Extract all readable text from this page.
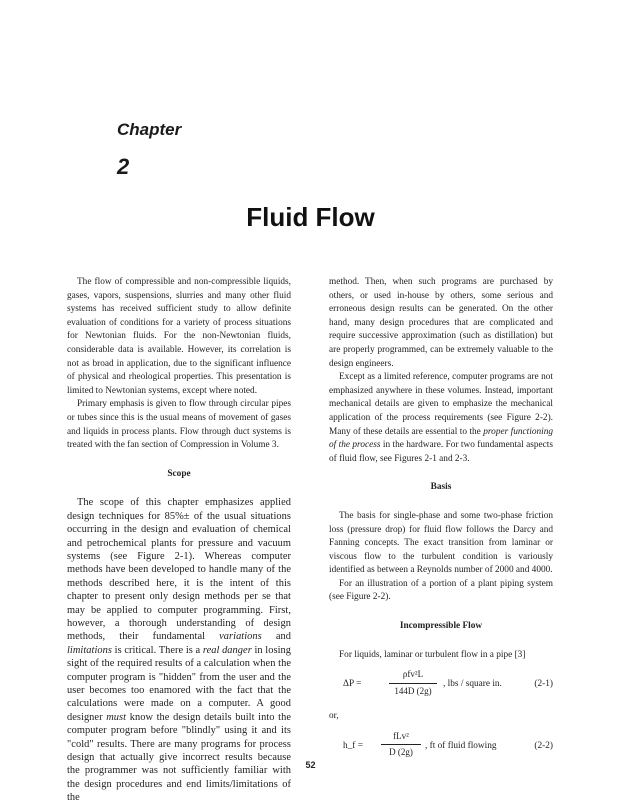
Chapter
2
Fluid Flow

The flow of compressible and non-compressible liquids, gases, vapors, suspensions, slurries and many other fluid systems has received sufficient study to allow definite evaluation of conditions for a variety of process situations for Newtonian fluids. For the non-Newtonian fluids, considerable data is available. However, its correlation is not as broad in application, due to the significant influence of physical and rheological properties. This presentation is limited to Newtonian systems, except where noted.

Primary emphasis is given to flow through circular pipes or tubes since this is the usual means of movement of gases and liquids in process plants. Flow through duct systems is treated with the fan section of Compression in Volume 3.

Scope

The scope of this chapter emphasizes applied design techniques for 85%± of the usual situations occurring in the design and evaluation of chemical and petrochemical plants for pressure and vacuum systems (see Figure 2-1). Whereas computer methods have been developed to handle many of the methods described here, it is the intent of this chapter to present only design methods per se that may be applied to computer programming. First, however, a thorough understanding of design methods, their fundamental variations and limitations is critical. There is a real danger in losing sight of the required results of a calculation when the computer program is "hidden" from the user and the user becomes too enamored with the fact that the calculations were made on a computer. A good designer must know the design details built into the computer program before "blindly" using it and its "cold" results. There are many programs for process design that actually give incorrect results because the programmer was not sufficiently familiar with the design procedures and end limits/limitations of the

method. Then, when such programs are purchased by others, or used in-house by others, some serious and erroneous design results can be generated. On the other hand, many design procedures that are complicated and require successive approximation (such as distillation) but are properly programmed, can be extremely valuable to the design engineers.

Except as a limited reference, computer programs are not emphasized anywhere in these volumes. Instead, important mechanical details are given to emphasize the mechanical application of the process requirements (see Figure 2-2). Many of these details are essential to the proper functioning of the process in the hardware. For two fundamental aspects of fluid flow, see Figures 2-1 and 2-3.

Basis

The basis for single-phase and some two-phase friction loss (pressure drop) for fluid flow follows the Darcy and Fanning concepts. The exact transition from laminar or viscous flow to the turbulent condition is variously identified as between a Reynolds number of 2000 and 4000.

For an illustration of a portion of a plant piping system (see Figure 2-2).

Incompressible Flow

For liquids, laminar or turbulent flow in a pipe [3]

ΔP =
ρfv²L
144D (2g)
, lbs / square in.	(2-1)

or,

h_f =
fLv²
D (2g)
, ft of fluid flowing	(2-2)
52
